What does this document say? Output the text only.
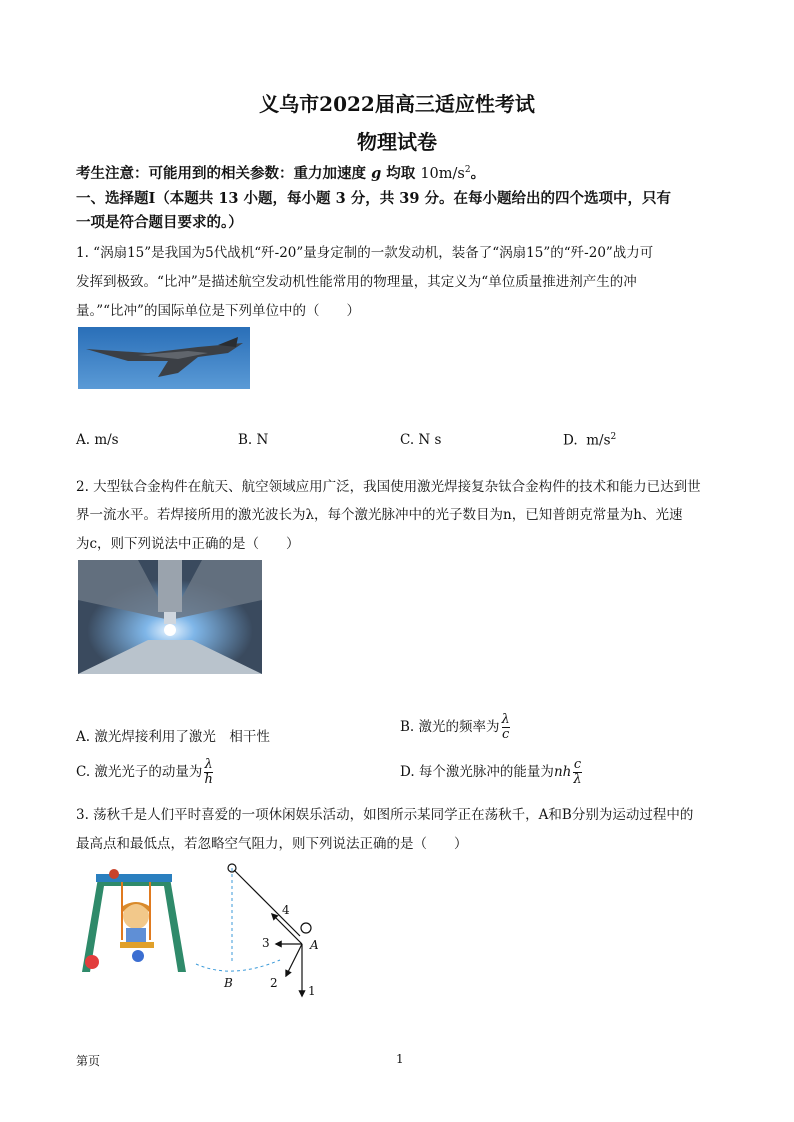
义乌市2022届高三适应性考试
物理试卷
考生注意：可能用到的相关参数：重力加速度 g 均取 $10m/s^2$。
一、选择题Ⅰ（本题共 13 小题，每小题 3 分，共 39 分。在每小题给出的四个选项中，只有
一项是符合题目要求的。）
1. “涡扇15”是我国为5代战机“歼-20”量身定制的一款发动机，装备了“涡扇15”的“歼-20”战力可
发挥到极致。“比冲”是描述航空发动机性能常用的物理量，其定义为“单位质量推进剂产生的冲
量。”“比冲”的国际单位是下列单位中的（　　）
A. m/s	B. N	C. N s	D. $m/s^2$
2. 大型钛合金构件在航天、航空领域应用广泛，我国使用激光焊接复杂钛合金构件的技术和能力已达到世
界一流水平。若焊接所用的激光波长为λ，每个激光脉冲中的光子数目为n，已知普朗克常量为h、光速
为c，则下列说法中正确的是（　　）
A. 激光焊接利用了激光　相干性
B. 激光的频率为 $\frac{\lambda}{c}$
C. 激光光子的动量为 $\frac{\lambda}{h}$	D. 每个激光脉冲的能量为nh $\frac{c}{\lambda}$
3. 荡秋千是人们平时喜爱的一项休闲娱乐活动，如图所示某同学正在荡秋千，A和B分别为运动过程中的
最高点和最低点，若忽略空气阻力，则下列说法正确的是（　　）
4
3	A
B	2
1
第页	1
